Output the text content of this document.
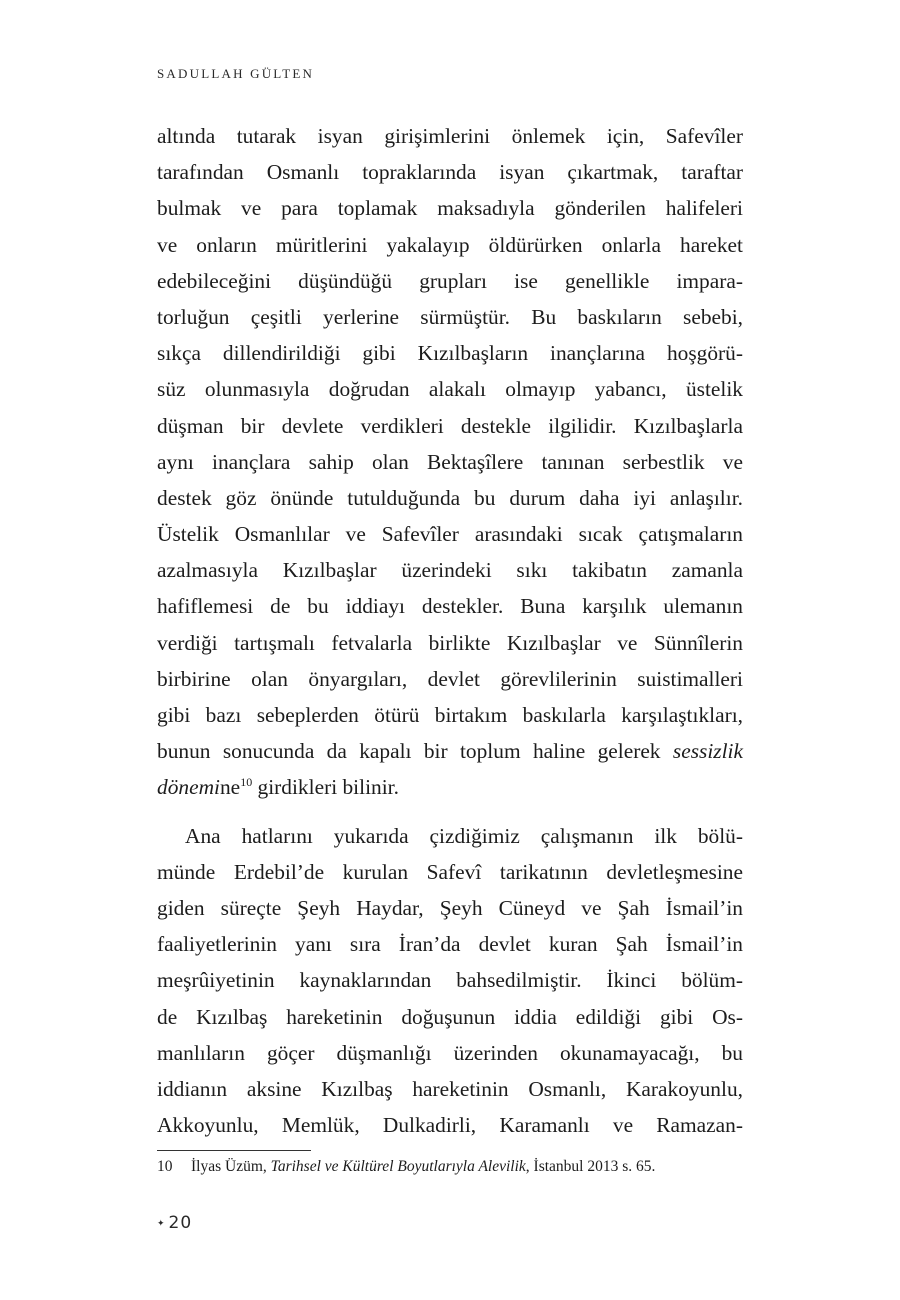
SADULLAH GÜLTEN
altında tutarak isyan girişimlerini önlemek için, Safevîler
tarafından Osmanlı topraklarında isyan çıkartmak, taraftar
bulmak ve para toplamak maksadıyla gönderilen halifeleri
ve onların müritlerini yakalayıp öldürürken onlarla hareket
edebileceğini düşündüğü grupları ise genellikle impara-
torluğun çeşitli yerlerine sürmüştür. Bu baskıların sebebi,
sıkça dillendirildiği gibi Kızılbaşların inançlarına hoşgörü-
süz olunmasıyla doğrudan alakalı olmayıp yabancı, üstelik
düşman bir devlete verdikleri destekle ilgilidir. Kızılbaşlarla
aynı inançlara sahip olan Bektaşîlere tanınan serbestlik ve
destek göz önünde tutulduğunda bu durum daha iyi anlaşılır.
Üstelik Osmanlılar ve Safevîler arasındaki sıcak çatışmaların
azalmasıyla Kızılbaşlar üzerindeki sıkı takibatın zamanla
hafiflemesi de bu iddiayı destekler. Buna karşılık ulemanın
verdiği tartışmalı fetvalarla birlikte Kızılbaşlar ve Sünnîlerin
birbirine olan önyargıları, devlet görevlilerinin suistimalleri
gibi bazı sebeplerden ötürü birtakım baskılarla karşılaştıkları,
bunun sonucunda da kapalı bir toplum haline gelerek sessizlik
dönemine$^{10}$ girdikleri bilinir.
Ana hatlarını yukarıda çizdiğimiz çalışmanın ilk bölü-
münde Erdebil’de kurulan Safevî tarikatının devletleşmesine
giden süreçte Şeyh Haydar, Şeyh Cüneyd ve Şah İsmail’in
faaliyetlerinin yanı sıra İran’da devlet kuran Şah İsmail’in
meşrûiyetinin kaynaklarından bahsedilmiştir. İkinci bölüm-
de Kızılbaş hareketinin doğuşunun iddia edildiği gibi Os-
manlıların göçer düşmanlığı üzerinden okunamayacağı, bu
iddianın aksine Kızılbaş hareketinin Osmanlı, Karakoyunlu,
Akkoyunlu, Memlük, Dulkadirli, Karamanlı ve Ramazan-
10 İlyas Üzüm, Tarihsel ve Kültürel Boyutlarıyla Alevilik, İstanbul 2013 s. 65.
✦ 20
